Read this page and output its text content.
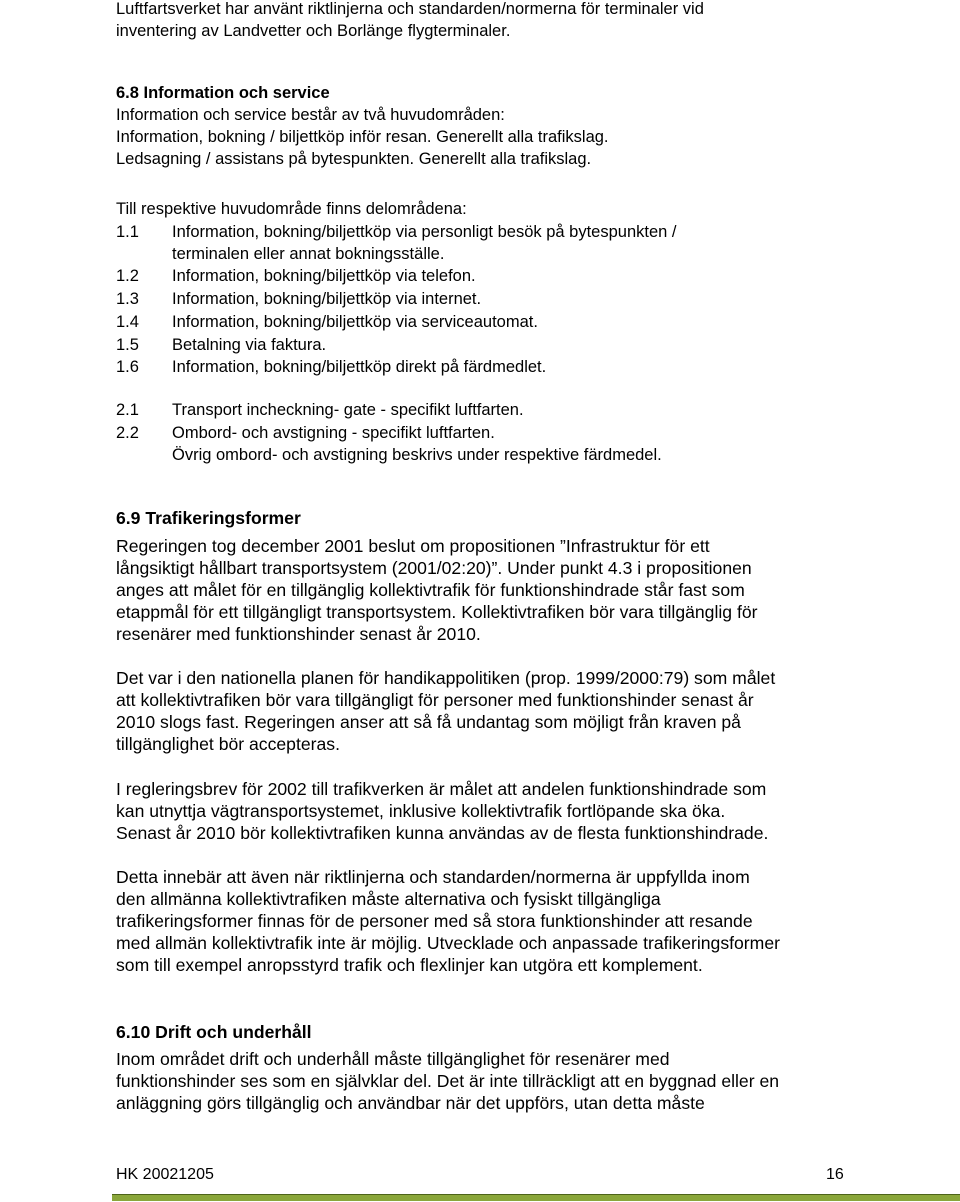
Luftfartsverket har använt riktlinjerna och standarden/normerna för terminaler vid
inventering av Landvetter och Borlänge flygterminaler.
6.8 Information och service
Information och service består av två huvudområden:
Information, bokning / biljettköp inför resan. Generellt alla trafikslag.
Ledsagning / assistans på bytespunkten. Generellt alla trafikslag.
Till respektive huvudområde finns delområdena:
1.1 Information, bokning/biljettköp via personligt besök på bytespunkten /
terminalen eller annat bokningsställe.
1.2 Information, bokning/biljettköp via telefon.
1.3 Information, bokning/biljettköp via internet.
1.4 Information, bokning/biljettköp via serviceautomat.
1.5 Betalning via faktura.
1.6 Information, bokning/biljettköp direkt på färdmedlet.
2.1 Transport incheckning- gate - specifikt luftfarten.
2.2 Ombord- och avstigning - specifikt luftfarten.
Övrig ombord- och avstigning beskrivs under respektive färdmedel.
6.9 Trafikeringsformer
Regeringen tog december 2001 beslut om propositionen ”Infrastruktur för ett
långsiktigt hållbart transportsystem (2001/02:20)”. Under punkt 4.3 i propositionen
anges att målet för en tillgänglig kollektivtrafik för funktionshindrade står fast som
etappmål för ett tillgängligt transportsystem. Kollektivtrafiken bör vara tillgänglig för
resenärer med funktionshinder senast år 2010.
Det var i den nationella planen för handikappolitiken (prop. 1999/2000:79) som målet
att kollektivtrafiken bör vara tillgängligt för personer med funktionshinder senast år
2010 slogs fast. Regeringen anser att så få undantag som möjligt från kraven på
tillgänglighet bör accepteras.
I regleringsbrev för 2002 till trafikverken är målet att andelen funktionshindrade som
kan utnyttja vägtransportsystemet, inklusive kollektivtrafik fortlöpande ska öka.
Senast år 2010 bör kollektivtrafiken kunna användas av de flesta funktionshindrade.
Detta innebär att även när riktlinjerna och standarden/normerna är uppfyllda inom
den allmänna kollektivtrafiken måste alternativa och fysiskt tillgängliga
trafikeringsformer finnas för de personer med så stora funktionshinder att resande
med allmän kollektivtrafik inte är möjlig. Utvecklade och anpassade trafikeringsformer
som till exempel anropsstyrd trafik och flexlinjer kan utgöra ett komplement.
6.10 Drift och underhåll
Inom området drift och underhåll måste tillgänglighet för resenärer med
funktionshinder ses som en självklar del. Det är inte tillräckligt att en byggnad eller en
anläggning görs tillgänglig och användbar när det uppförs, utan detta måste
HK 20021205	16
